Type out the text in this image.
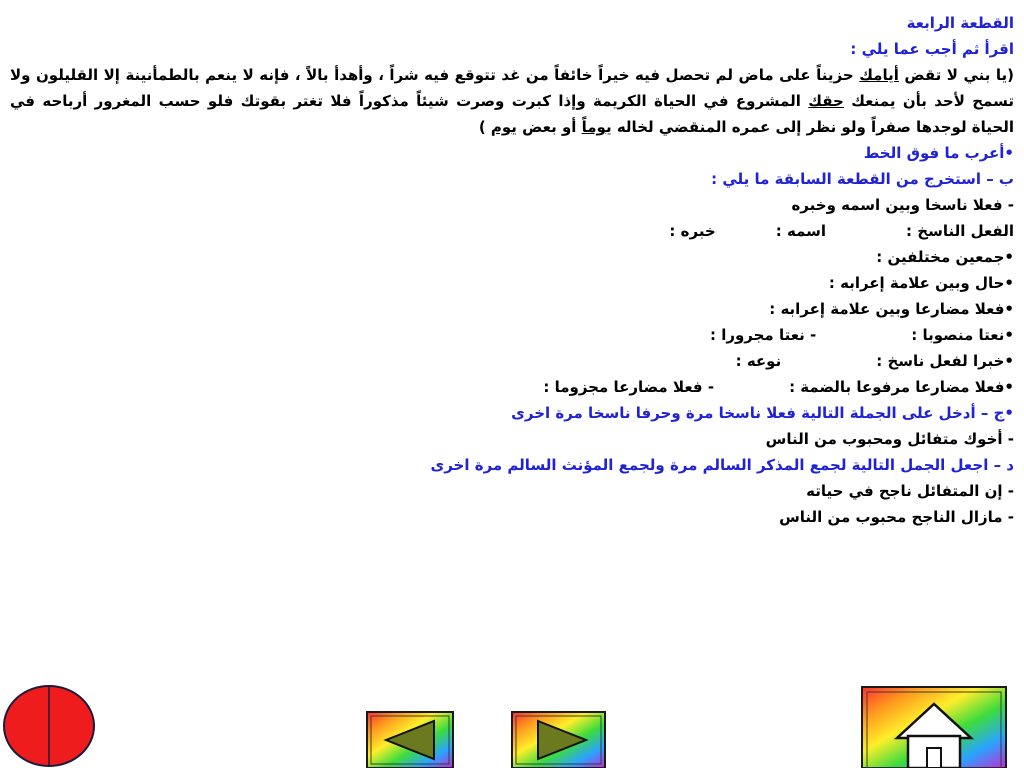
القطعة الرابعة
اقرأ ثم أجب عما يلي :
(يا بني لا تقض أيامك حزيناً على ماض لم تحصل فيه خيراً خائفاً من غد تتوقع فيه شراً ، وأهدأ بالاً ، فإنه لا ينعم بالطمأنينة إلا القليلون ولا تسمح لأحد بأن يمنعك حقك المشروع في الحياة الكريمة وإذا كبرت وصرت شيئاً مذكوراً فلا تغتر بقوتك فلو حسب المغرور أرباحه في الحياة لوجدها صفراً ولو نظر إلى عمره المنقضي لخاله يوماً أو بعض يوم )
•أعرب ما فوق الخط
ب – استخرج من القطعة السابقة ما يلي :
- فعلا ناسخا وبين اسمه وخبره
الفعل الناسخ :اسمه :خبره :
•جمعين مختلفين :
•حال وبين علامة إعرابه :
•فعلا مضارعا وبين علامة إعرابه :
•نعتا منصوبا :- نعتا مجرورا :
•خبرا لفعل ناسخ :نوعه :
•فعلا مضارعا مرفوعا بالضمة :- فعلا مضارعا مجزوما :
•ج – أدخل على الجملة التالية فعلا ناسخا مرة وحرفا ناسخا مرة اخرى
- أخوك متفائل ومحبوب من الناس
د – اجعل الجمل التالية لجمع المذكر السالم مرة ولجمع المؤنث السالم مرة اخرى
- إن المتفائل ناجح في حياته
- مازال الناجح محبوب من الناس
